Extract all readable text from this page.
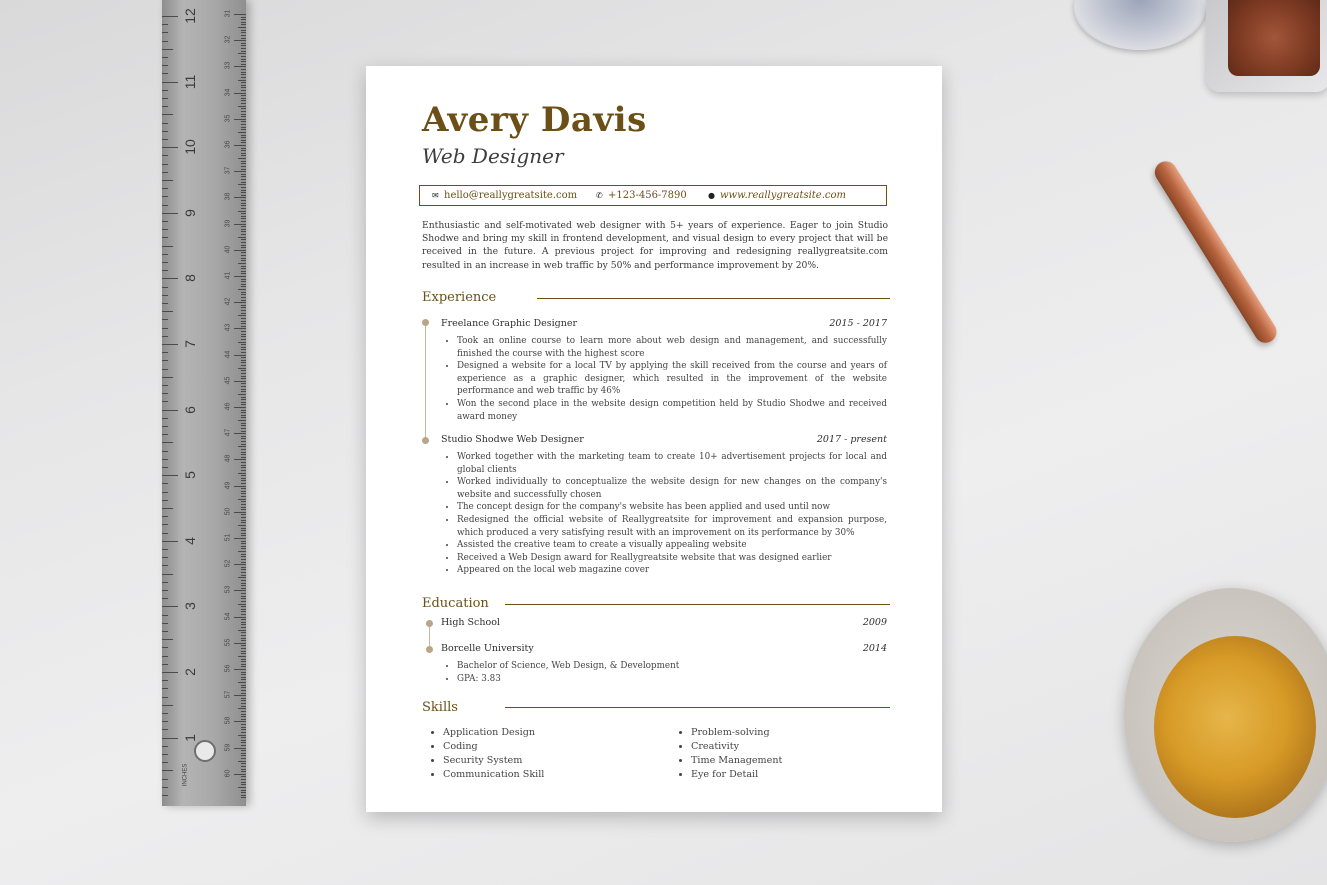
INCHES
12
11
10
9
8
7
6
5
4
3
2
1
31
32
33
34
35
36
37
38
39
40
41
42
43
44
45
46
47
48
49
50
51
52
53
54
55
56
57
58
59
60
Avery Davis
Web Designer
✉ hello@reallygreatsite.com ✆ +123-456-7890	● www.reallygreatsite.com

Enthusiastic and self-motivated web designer with 5+ years of experience. Eager to join Studio Shodwe and bring my skill in frontend development, and visual design to every project that will be received in the future. A previous project for improving and redesigning reallygreatsite.com resulted in an increase in web traffic by 50% and performance improvement by 20%.

Experience
Freelance Graphic Designer	2015 - 2017
• Took an online course to learn more about web design and management, and successfully finished the course with the highest score
• Designed a website for a local TV by applying the skill received from the course and years of experience as a graphic designer, which resulted in the improvement of the website performance and web traffic by 46%
• Won the second place in the website design competition held by Studio Shodwe and received award money
Studio Shodwe Web Designer	2017 - present
• Worked together with the marketing team to create 10+ advertisement projects for local and global clients
• Worked individually to conceptualize the website design for new changes on the company's website and successfully chosen
• The concept design for the company's website has been applied and used until now
• Redesigned the official website of Reallygreatsite for improvement and expansion purpose, which produced a very satisfying result with an improvement on its performance by 30%
• Assisted the creative team to create a visually appealing website
• Received a Web Design award for Reallygreatsite website that was designed earlier
• Appeared on the local web magazine cover
Education
High School	2009
Borcelle University	2014
• Bachelor of Science, Web Design, & Development
• GPA: 3.83
Skills
• Application Design
• Coding
• Security System
• Communication Skill
• Problem-solving
• Creativity
• Time Management
• Eye for Detail
